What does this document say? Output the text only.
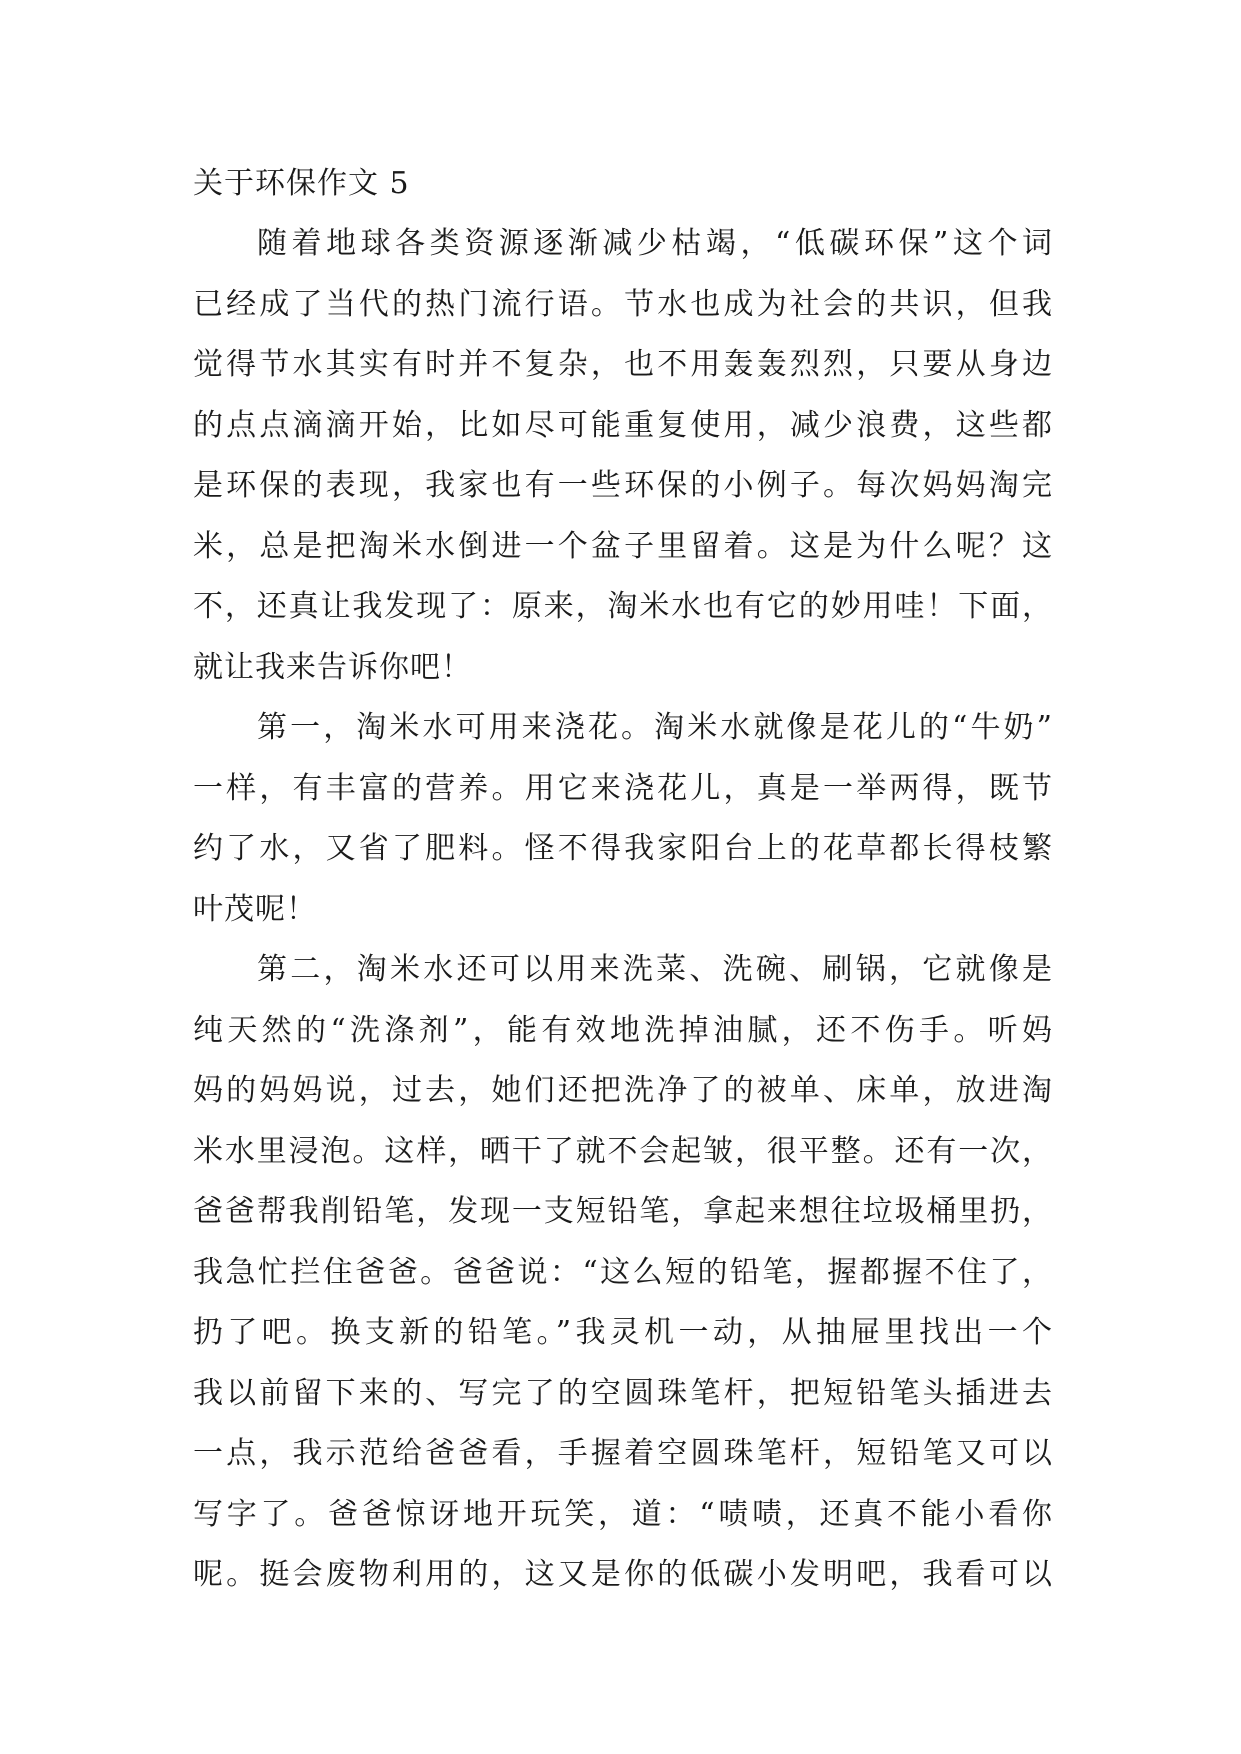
关于环保作文 5
随着地球各类资源逐渐减少枯竭，“低碳环保”这个词
已经成了当代的热门流行语。节水也成为社会的共识，但我
觉得节水其实有时并不复杂，也不用轰轰烈烈，只要从身边
的点点滴滴开始，比如尽可能重复使用，减少浪费，这些都
是环保的表现，我家也有一些环保的小例子。每次妈妈淘完
米，总是把淘米水倒进一个盆子里留着。这是为什么呢？这
不，还真让我发现了：原来，淘米水也有它的妙用哇！下面，
就让我来告诉你吧！
第一，淘米水可用来浇花。淘米水就像是花儿的“牛奶”
一样，有丰富的营养。用它来浇花儿，真是一举两得，既节
约了水，又省了肥料。怪不得我家阳台上的花草都长得枝繁
叶茂呢！
第二，淘米水还可以用来洗菜、洗碗、刷锅，它就像是
纯天然的“洗涤剂”，能有效地洗掉油腻，还不伤手。听妈
妈的妈妈说，过去，她们还把洗净了的被单、床单，放进淘
米水里浸泡。这样，晒干了就不会起皱，很平整。还有一次，
爸爸帮我削铅笔，发现一支短铅笔，拿起来想往垃圾桶里扔，
我急忙拦住爸爸。爸爸说：“这么短的铅笔，握都握不住了，
扔了吧。换支新的铅笔。”我灵机一动，从抽屉里找出一个
我以前留下来的、写完了的空圆珠笔杆，把短铅笔头插进去
一点，我示范给爸爸看，手握着空圆珠笔杆，短铅笔又可以
写字了。爸爸惊讶地开玩笑，道：“啧啧，还真不能小看你
呢。挺会废物利用的，这又是你的低碳小发明吧，我看可以
